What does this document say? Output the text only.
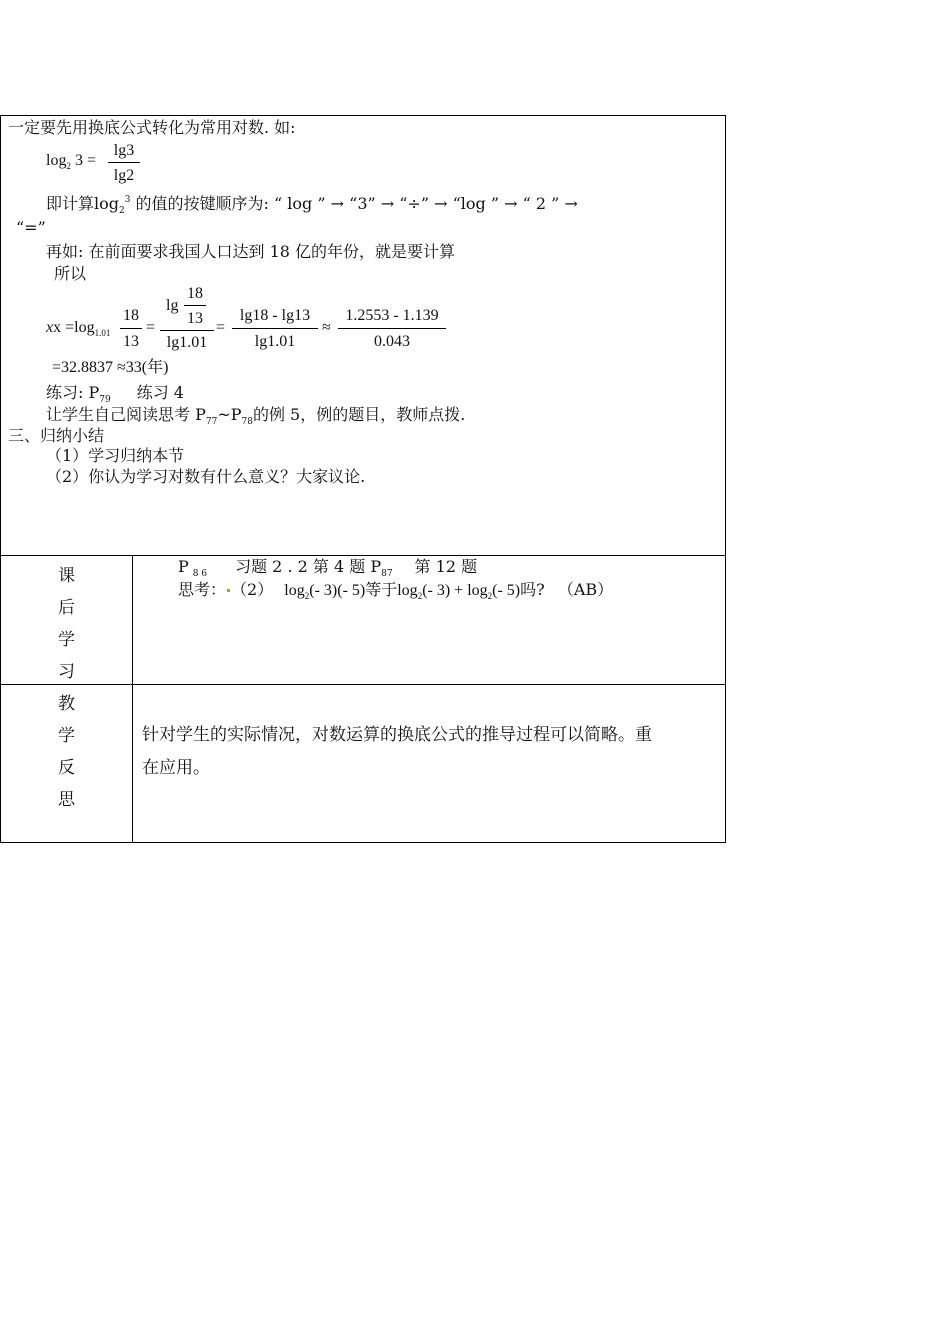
一定要先用换底公式转化为常用对数. 如:
$\log_2 3$ =
lg3
lg2
即计算$\log_2^3$ 的值的按键顺序为: “ log ” → “3” → “÷” → “log ” → “ 2 ” →
“=”
再如: 在前面要求我国人口达到 18 亿的年份，就是要计算
所以
xx $=\log_{1.01}$
18
13
=
lg
18
13
lg1.01
=
lg18 - lg13
lg1.01
≈
1.2553 - 1.139
0.043
=32.8837 ≈33(年)
练习: $P_{79}$ 练习 4
让学生自己阅读思考 $P_{77}\sim P_{78}$的例 5，例的题目，教师点拨.
三、归纳小结
（1）学习归纳本节
（2）你认为学习对数有什么意义？大家议论.
课
后
学
习
P $_{8 6}$ 习题 2 . 2 第 4 题 $P_{87}$ 第 12 题
思考： （2） $\log_2(-$ 3)(- 5)等于$\log_2(-$ $3) + \log_2(-$ 5)吗? （AB）
教
学
反
思
针对学生的实际情况，对数运算的换底公式的推导过程可以简略。重
在应用。
